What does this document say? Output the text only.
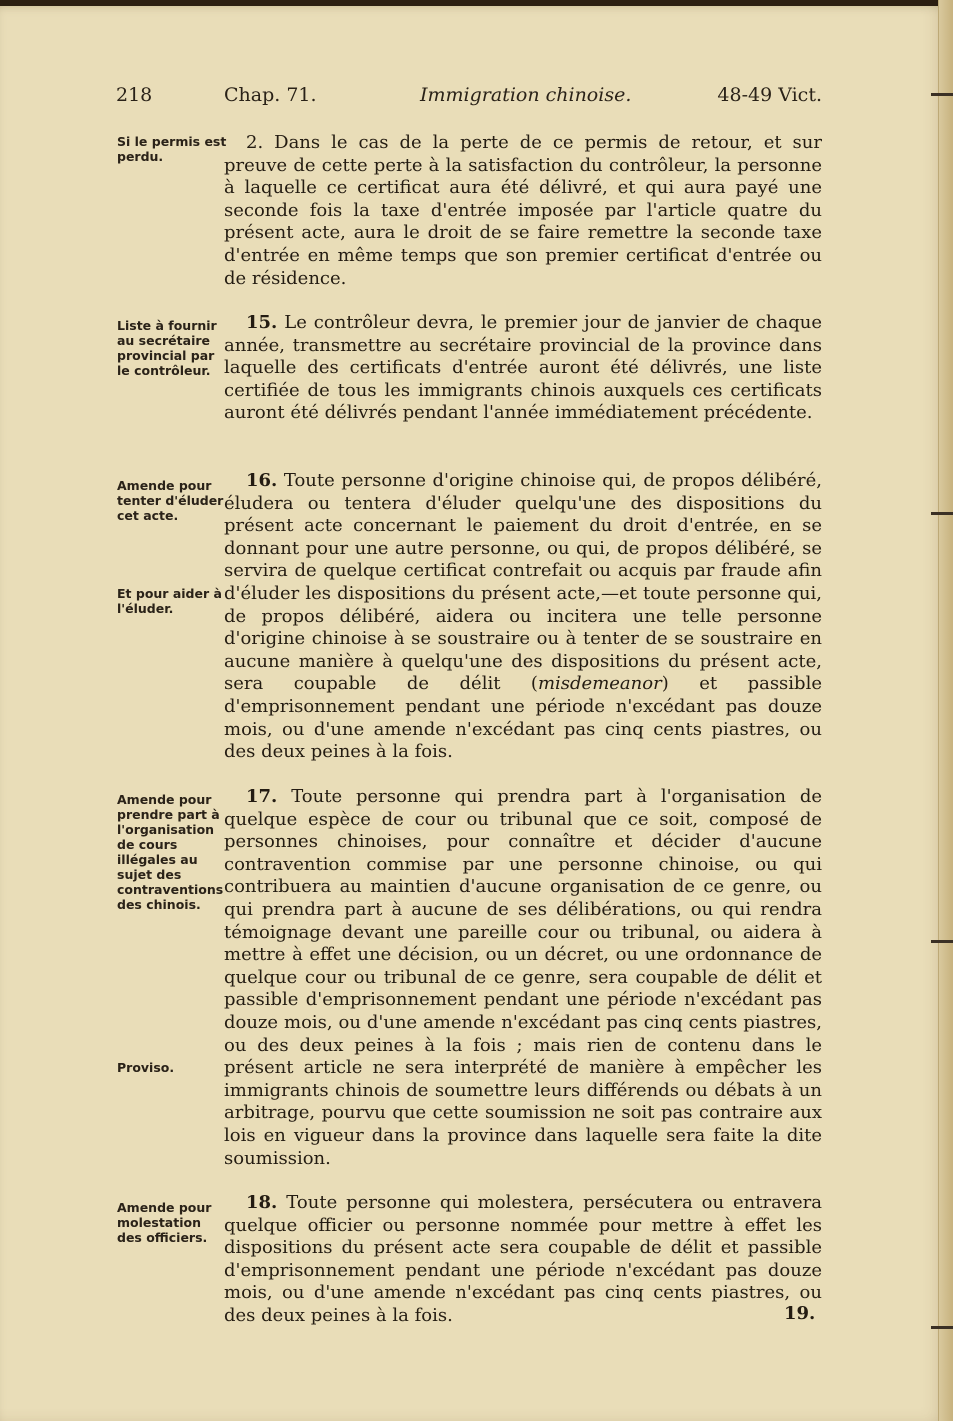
218	Chap. 71.	Immigration chinoise.	48-49 Vict.
Si le permis est perdu.

2. Dans le cas de la perte de ce permis de retour, et sur preuve de cette perte à la satisfaction du contrôleur, la personne à laquelle ce certificat aura été délivré, et qui aura payé une seconde fois la taxe d'entrée imposée par l'article quatre du présent acte, aura le droit de se faire remettre la seconde taxe d'entrée en même temps que son premier certificat d'entrée ou de résidence.

Liste à fournir au secrétaire provincial par le contrôleur.

15. Le contrôleur devra, le premier jour de janvier de chaque année, transmettre au secrétaire provincial de la province dans laquelle des certificats d'entrée auront été délivrés, une liste certifiée de tous les immigrants chinois auxquels ces certificats auront été délivrés pendant l'année immédiatement précédente.

Amende pour tenter d'éluder cet acte.
Et pour aider à l'éluder.

16. Toute personne d'origine chinoise qui, de propos délibéré, éludera ou tentera d'éluder quelqu'une des dispositions du présent acte concernant le paiement du droit d'entrée, en se donnant pour une autre personne, ou qui, de propos délibéré, se servira de quelque certificat contrefait ou acquis par fraude afin d'éluder les dispositions du présent acte,—et toute personne qui, de propos délibéré, aidera ou incitera une telle personne d'origine chinoise à se soustraire ou à tenter de se soustraire en aucune manière à quelqu'une des dispositions du présent acte, sera coupable de délit (misdemeanor) et passible d'emprisonnement pendant une période n'excédant pas douze mois, ou d'une amende n'excédant pas cinq cents piastres, ou des deux peines à la fois.

Amende pour prendre part à l'organisation de cours illégales au sujet des contraventions des chinois.
Proviso.

17. Toute personne qui prendra part à l'organisation de quelque espèce de cour ou tribunal que ce soit, composé de personnes chinoises, pour connaître et décider d'aucune contravention commise par une personne chinoise, ou qui contribuera au maintien d'aucune organisation de ce genre, ou qui prendra part à aucune de ses délibérations, ou qui rendra témoignage devant une pareille cour ou tribunal, ou aidera à mettre à effet une décision, ou un décret, ou une ordonnance de quelque cour ou tribunal de ce genre, sera coupable de délit et passible d'emprisonnement pendant une période n'excédant pas douze mois, ou d'une amende n'excédant pas cinq cents piastres, ou des deux peines à la fois ; mais rien de contenu dans le présent article ne sera interprété de manière à empêcher les immigrants chinois de soumettre leurs différends ou débats à un arbitrage, pourvu que cette soumission ne soit pas contraire aux lois en vigueur dans la province dans laquelle sera faite la dite soumission.

Amende pour molestation des officiers.

18. Toute personne qui molestera, persécutera ou entravera quelque officier ou personne nommée pour mettre à effet les dispositions du présent acte sera coupable de délit et passible d'emprisonnement pendant une période n'excédant pas douze mois, ou d'une amende n'excédant pas cinq cents piastres, ou des deux peines à la fois.	19.
